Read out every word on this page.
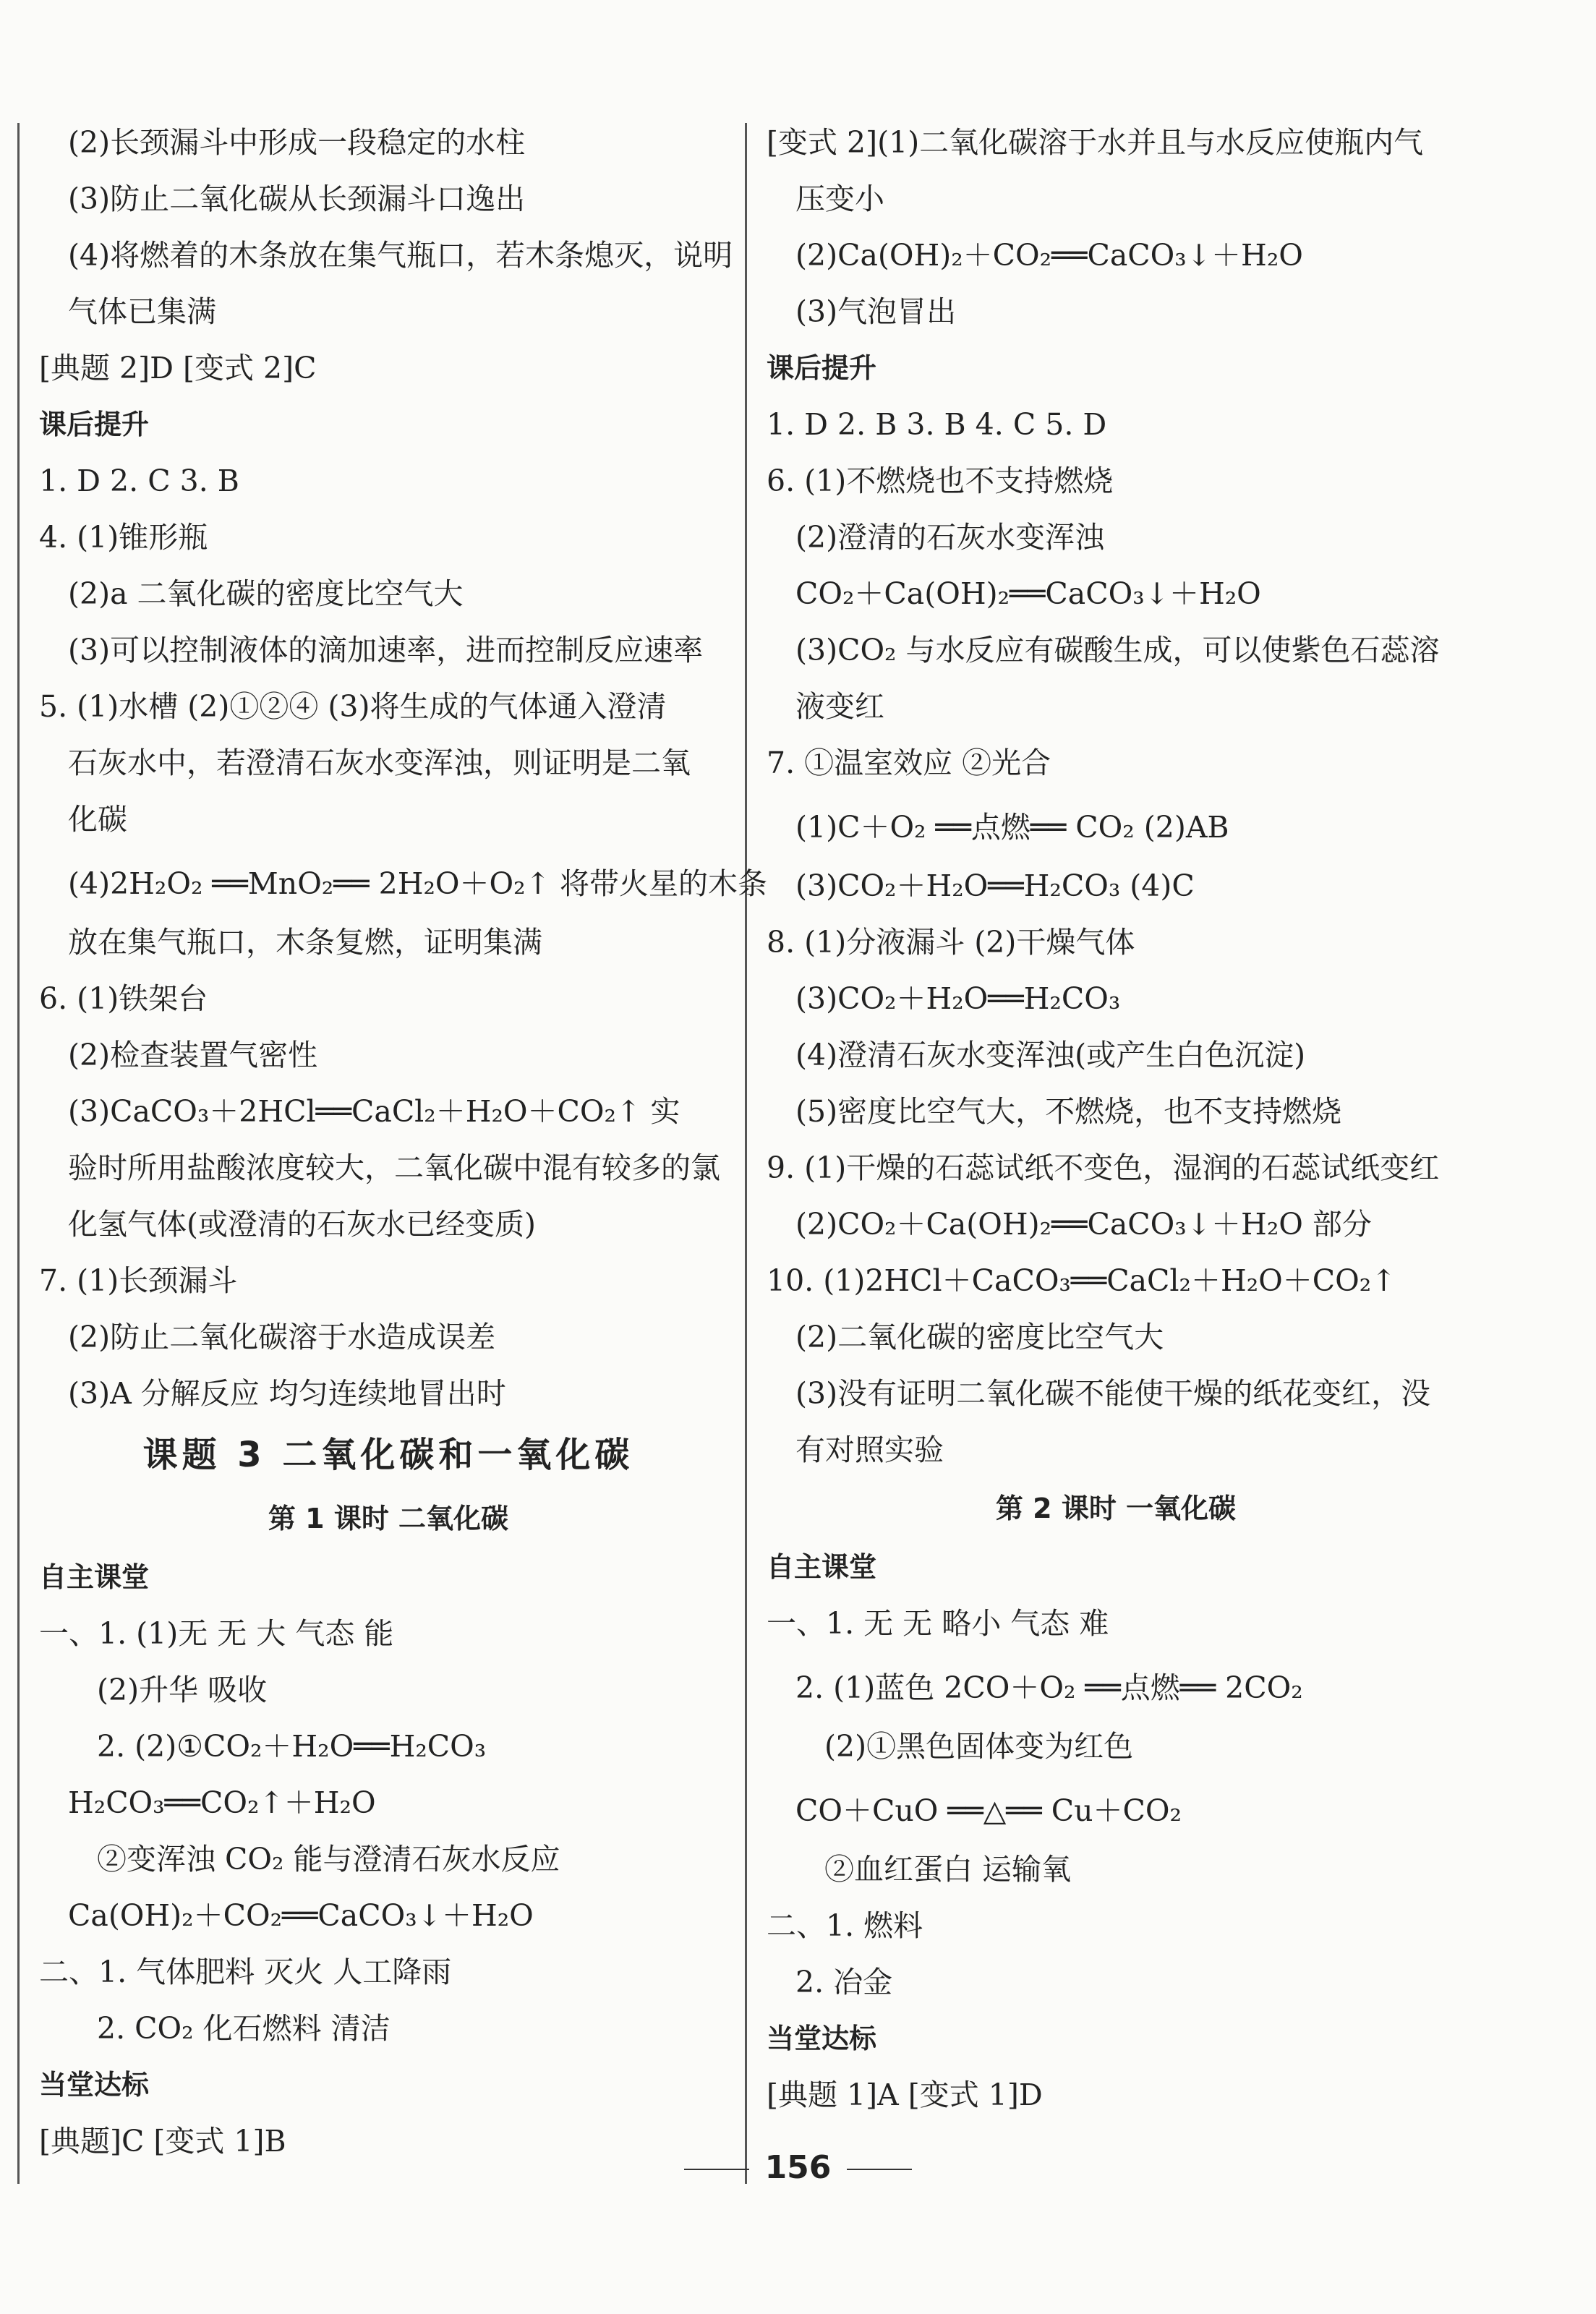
(2)长颈漏斗中形成一段稳定的水柱
(3)防止二氧化碳从长颈漏斗口逸出
(4)将燃着的木条放在集气瓶口，若木条熄灭，说明
气体已集满
[典题 2]D [变式 2]C
课后提升
1. D 2. C 3. B
4. (1)锥形瓶
(2)a 二氧化碳的密度比空气大
(3)可以控制液体的滴加速率，进而控制反应速率
5. (1)水槽 (2)①②④ (3)将生成的气体通入澄清
石灰水中，若澄清石灰水变浑浊，则证明是二氧
化碳
(4)2H₂O₂ ══MnO₂══ 2H₂O＋O₂↑ 将带火星的木条
放在集气瓶口，木条复燃，证明集满
6. (1)铁架台
(2)检查装置气密性
(3)CaCO₃＋2HCl══CaCl₂＋H₂O＋CO₂↑ 实
验时所用盐酸浓度较大，二氧化碳中混有较多的氯
化氢气体(或澄清的石灰水已经变质)
7. (1)长颈漏斗
(2)防止二氧化碳溶于水造成误差
(3)A 分解反应 均匀连续地冒出时
课题 3 二氧化碳和一氧化碳
第 1 课时 二氧化碳
自主课堂
一、1. (1)无 无 大 气态 能
(2)升华 吸收
2. (2)①CO₂＋H₂O══H₂CO₃
H₂CO₃══CO₂↑＋H₂O
②变浑浊 CO₂ 能与澄清石灰水反应
Ca(OH)₂＋CO₂══CaCO₃↓＋H₂O
二、1. 气体肥料 灭火 人工降雨
2. CO₂ 化石燃料 清洁
当堂达标
[典题]C [变式 1]B
[变式 2](1)二氧化碳溶于水并且与水反应使瓶内气
压变小
(2)Ca(OH)₂＋CO₂══CaCO₃↓＋H₂O
(3)气泡冒出
课后提升
1. D 2. B 3. B 4. C 5. D
6. (1)不燃烧也不支持燃烧
(2)澄清的石灰水变浑浊
CO₂＋Ca(OH)₂══CaCO₃↓＋H₂O
(3)CO₂ 与水反应有碳酸生成，可以使紫色石蕊溶
液变红
7. ①温室效应 ②光合
(1)C＋O₂ ══点燃══ CO₂ (2)AB
(3)CO₂＋H₂O══H₂CO₃ (4)C
8. (1)分液漏斗 (2)干燥气体
(3)CO₂＋H₂O══H₂CO₃
(4)澄清石灰水变浑浊(或产生白色沉淀)
(5)密度比空气大，不燃烧，也不支持燃烧
9. (1)干燥的石蕊试纸不变色，湿润的石蕊试纸变红
(2)CO₂＋Ca(OH)₂══CaCO₃↓＋H₂O 部分
10. (1)2HCl＋CaCO₃══CaCl₂＋H₂O＋CO₂↑
(2)二氧化碳的密度比空气大
(3)没有证明二氧化碳不能使干燥的纸花变红，没
有对照实验
第 2 课时 一氧化碳
自主课堂
一、1. 无 无 略小 气态 难
2. (1)蓝色 2CO＋O₂ ══点燃══ 2CO₂
(2)①黑色固体变为红色
CO＋CuO ══△══ Cu＋CO₂
②血红蛋白 运输氧
二、1. 燃料
2. 冶金
当堂达标
[典题 1]A [变式 1]D
156
